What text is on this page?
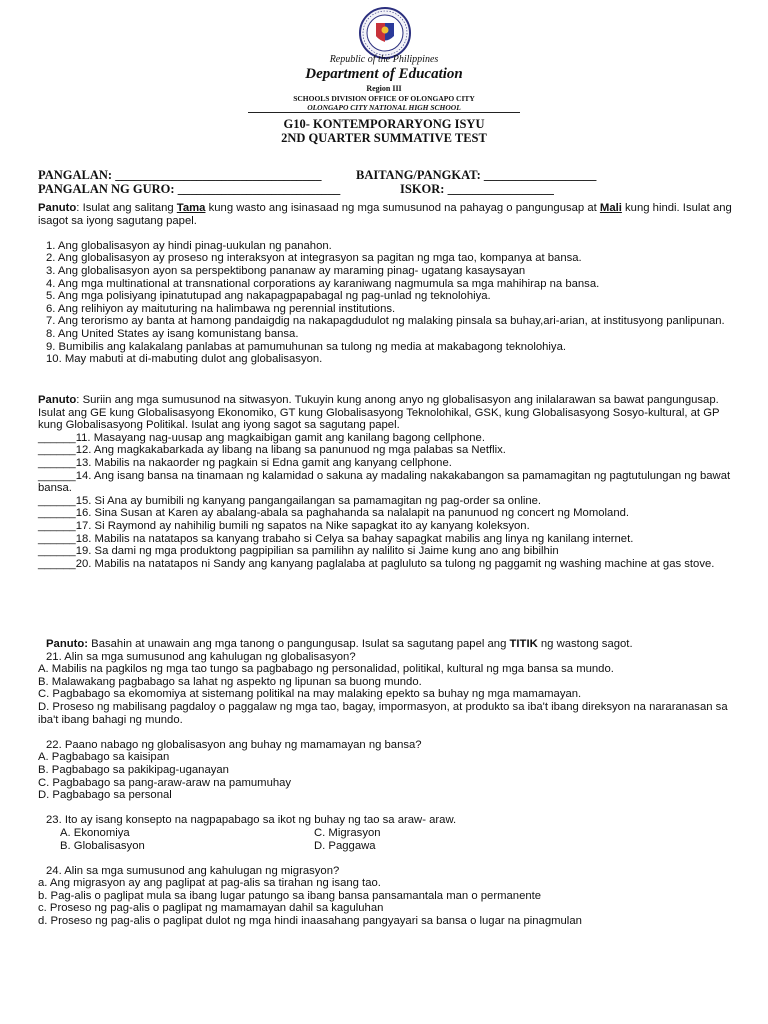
Republic of the Philippines
Department of Education
Region III
SCHOOLS DIVISION OFFICE OF OLONGAPO CITY
OLONGAPO CITY NATIONAL HIGH SCHOOL
G10- KONTEMPORARYONG ISYU
2ND QUARTER SUMMATIVE TEST
PANGALAN: _________________________________	BAITANG/PANGKAT: __________________
PANGALAN NG GURO: __________________________	ISKOR: _________________

Panuto: Isulat ang salitang Tama kung wasto ang isinasaad ng mga sumusunod na pahayag o pangungusap at Mali kung hindi. Isulat ang isagot sa iyong sagutang papel.

1. Ang globalisasyon ay hindi pinag-uukulan ng panahon.

2. Ang globalisasyon ay proseso ng interaksyon at integrasyon sa pagitan ng mga tao, kompanya at bansa.

3. Ang globalisasyon ayon sa perspektibong pananaw ay maraming pinag- ugatang kasaysayan

4. Ang mga multinational at transnational corporations ay karaniwang nagmumula sa mga mahihirap na bansa.

5. Ang mga polisiyang ipinatutupad ang nakapagpapabagal ng pag-unlad ng teknolohiya.

6. Ang relihiyon ay maituturing na halimbawa ng perennial institutions.

7. Ang terorismo ay banta at hamong pandaigdig na nakapagdudulot ng malaking pinsala sa buhay,ari-arian, at institusyong panlipunan.

8. Ang United States ay isang komunistang bansa.

9. Bumibilis ang kalakalang panlabas at pamumuhunan sa tulong ng media at makabagong teknolohiya.

10. May mabuti at di-mabuting dulot ang globalisasyon.

Panuto: Suriin ang mga sumusunod na sitwasyon. Tukuyin kung anong anyo ng globalisasyon ang inilalarawan sa bawat pangungusap. Isulat ang GE kung Globalisasyong Ekonomiko, GT kung Globalisasyong Teknolohikal, GSK, kung Globalisasyong Sosyo-kultural, at GP kung Globalisasyong Politikal. Isulat ang iyong sagot sa sagutang papel.

______11. Masayang nag-uusap ang magkaibigan gamit ang kanilang bagong cellphone.

______12. Ang magkakabarkada ay libang na libang sa panunuod ng mga palabas sa Netflix.

______13. Mabilis na nakaorder ng pagkain si Edna gamit ang kanyang cellphone.

______14. Ang isang bansa na tinamaan ng kalamidad o sakuna ay madaling nakakabangon sa pamamagitan ng pagtutulungan ng bawat bansa.

______15. Si Ana ay bumibili ng kanyang pangangailangan sa pamamagitan ng pag-order sa online.

______16. Sina Susan at Karen ay abalang-abala sa paghahanda sa nalalapit na panunuod ng concert ng Momoland.

______17. Si Raymond ay nahihilig bumili ng sapatos na Nike sapagkat ito ay kanyang koleksyon.

______18. Mabilis na natatapos sa kanyang trabaho si Celya sa bahay sapagkat mabilis ang linya ng kanilang internet.

______19. Sa dami ng mga produktong pagpipilian sa pamilihn ay nalilito si Jaime kung ano ang bibilhin

______20. Mabilis na natatapos ni Sandy ang kanyang paglalaba at pagluluto sa tulong ng paggamit ng washing machine at gas stove.

Panuto: Basahin at unawain ang mga tanong o pangungusap. Isulat sa sagutang papel ang TITIK ng wastong sagot.

21. Alin sa mga sumusunod ang kahulugan ng globalisasyon?

A. Mabilis na pagkilos ng mga tao tungo sa pagbabago ng personalidad, politikal, kultural ng mga bansa sa mundo.

B. Malawakang pagbabago sa lahat ng aspekto ng lipunan sa buong mundo.

C. Pagbabago sa ekomomiya at sistemang politikal na may malaking epekto sa buhay ng mga mamamayan.

D. Proseso ng mabilisang pagdaloy o paggalaw ng mga tao, bagay, impormasyon, at produkto sa iba't ibang direksyon na nararanasan sa iba't ibang bahagi ng mundo.

22. Paano nabago ng globalisasyon ang buhay ng mamamayan ng bansa?

A. Pagbabago sa kaisipan

B. Pagbabago sa pakikipag-uganayan

C. Pagbabago sa pang-araw-araw na pamumuhay

D. Pagbabago sa personal

23. Ito ay isang konsepto na nagpapabago sa ikot ng buhay ng tao sa araw- araw.

A. Ekonomiya	C. Migrasyon
B. Globalisasyon	D. Paggawa

24. Alin sa mga sumusunod ang kahulugan ng migrasyon?

a. Ang migrasyon ay ang paglipat at pag-alis sa tirahan ng isang tao.

b. Pag-alis o paglipat mula sa ibang lugar patungo sa ibang bansa pansamantala man o permanente

c. Proseso ng pag-alis o paglipat ng mamamayan dahil sa kaguluhan

d. Proseso ng pag-alis o paglipat dulot ng mga hindi inaasahang pangyayari sa bansa o lugar na pinagmulan
